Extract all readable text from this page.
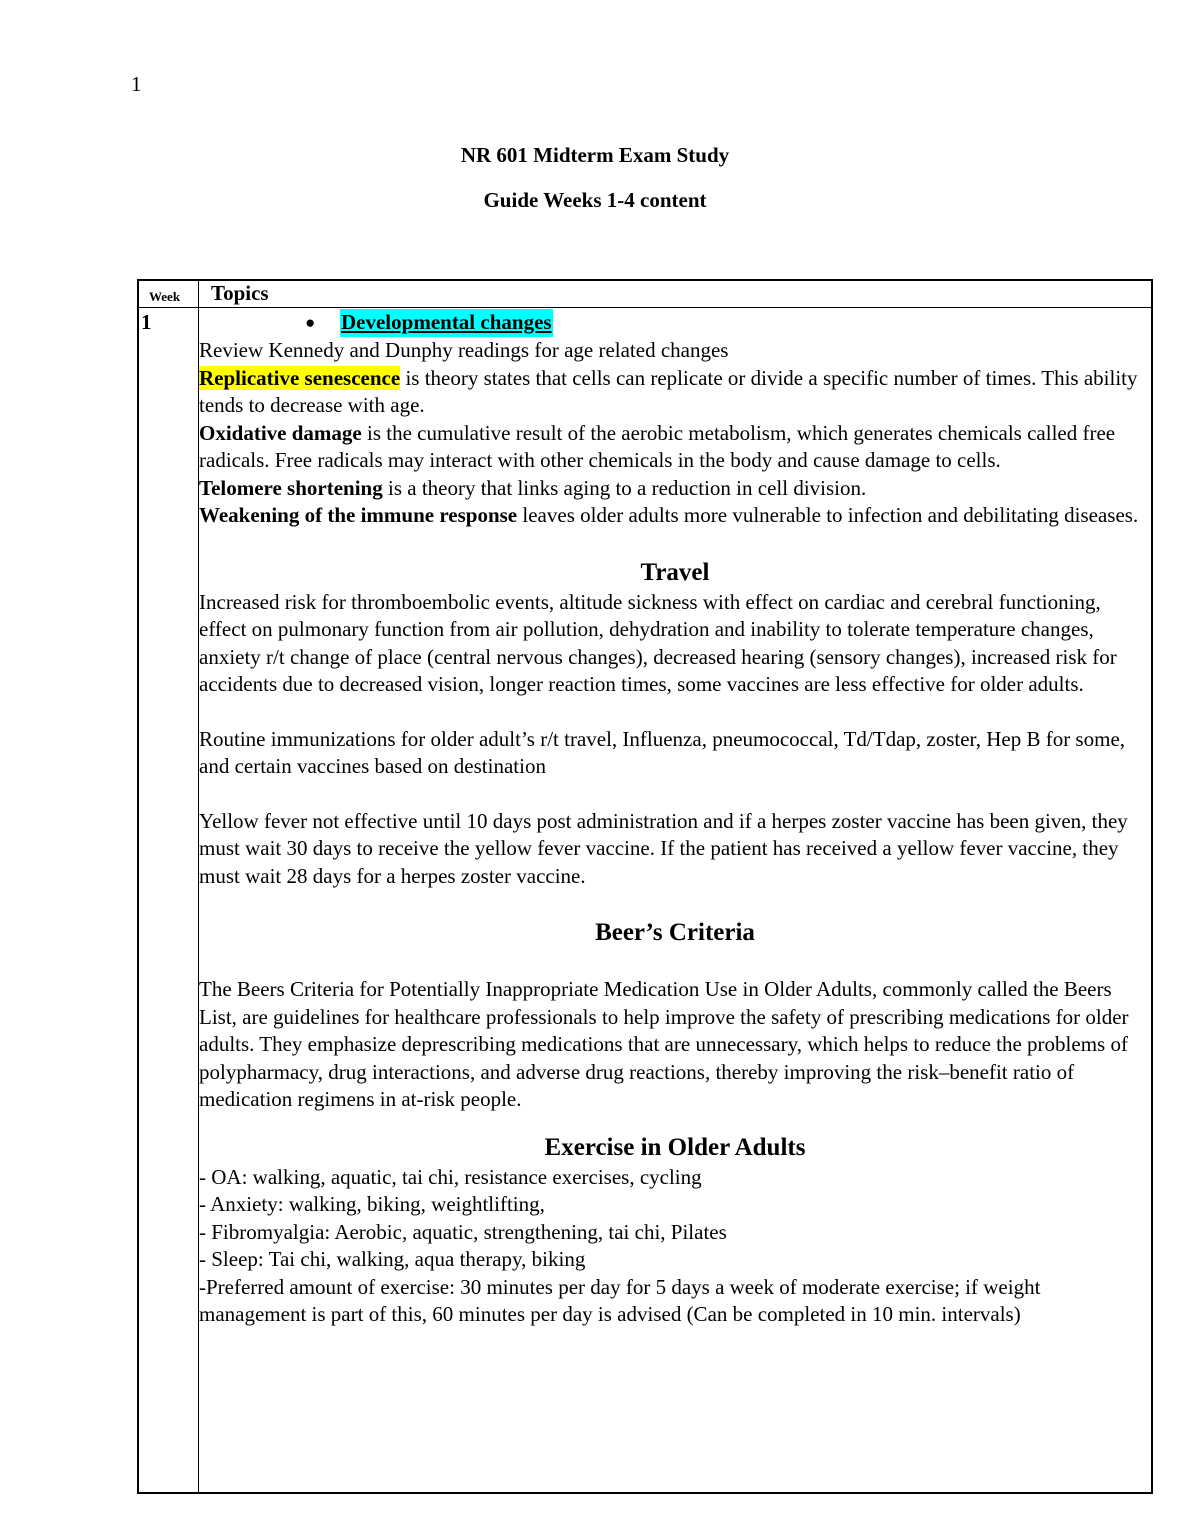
1
NR 601 Midterm Exam Study
Guide Weeks 1-4 content
Week Topics
1	● Developmental changes

Review Kennedy and Dunphy readings for age related changes

Replicative senescence is theory states that cells can replicate or divide a specific number of times. This ability tends to decrease with age.

Oxidative damage is the cumulative result of the aerobic metabolism, which generates chemicals called free radicals. Free radicals may interact with other chemicals in the body and cause damage to cells.

Telomere shortening is a theory that links aging to a reduction in cell division.

Weakening of the immune response leaves older adults more vulnerable to infection and debilitating diseases.

Travel

Increased risk for thromboembolic events, altitude sickness with effect on cardiac and cerebral functioning, effect on pulmonary function from air pollution, dehydration and inability to tolerate temperature changes, anxiety r/t change of place (central nervous changes), decreased hearing (sensory changes), increased risk for accidents due to decreased vision, longer reaction times, some vaccines are less effective for older adults.

Routine immunizations for older adult’s r/t travel, Influenza, pneumococcal, Td/Tdap, zoster, Hep B for some, and certain vaccines based on destination

Yellow fever not effective until 10 days post administration and if a herpes zoster vaccine has been given, they must wait 30 days to receive the yellow fever vaccine. If the patient has received a yellow fever vaccine, they must wait 28 days for a herpes zoster vaccine.

Beer’s Criteria

The Beers Criteria for Potentially Inappropriate Medication Use in Older Adults, commonly called the Beers List, are guidelines for healthcare professionals to help improve the safety of prescribing medications for older adults. They emphasize deprescribing medications that are unnecessary, which helps to reduce the problems of polypharmacy, drug interactions, and adverse drug reactions, thereby improving the risk–benefit ratio of medication regimens in at-risk people.

Exercise in Older Adults

- OA: walking, aquatic, tai chi, resistance exercises, cycling

- Anxiety: walking, biking, weightlifting,

- Fibromyalgia: Aerobic, aquatic, strengthening, tai chi, Pilates

- Sleep: Tai chi, walking, aqua therapy, biking

-Preferred amount of exercise: 30 minutes per day for 5 days a week of moderate exercise; if weight management is part of this, 60 minutes per day is advised (Can be completed in 10 min. intervals)
